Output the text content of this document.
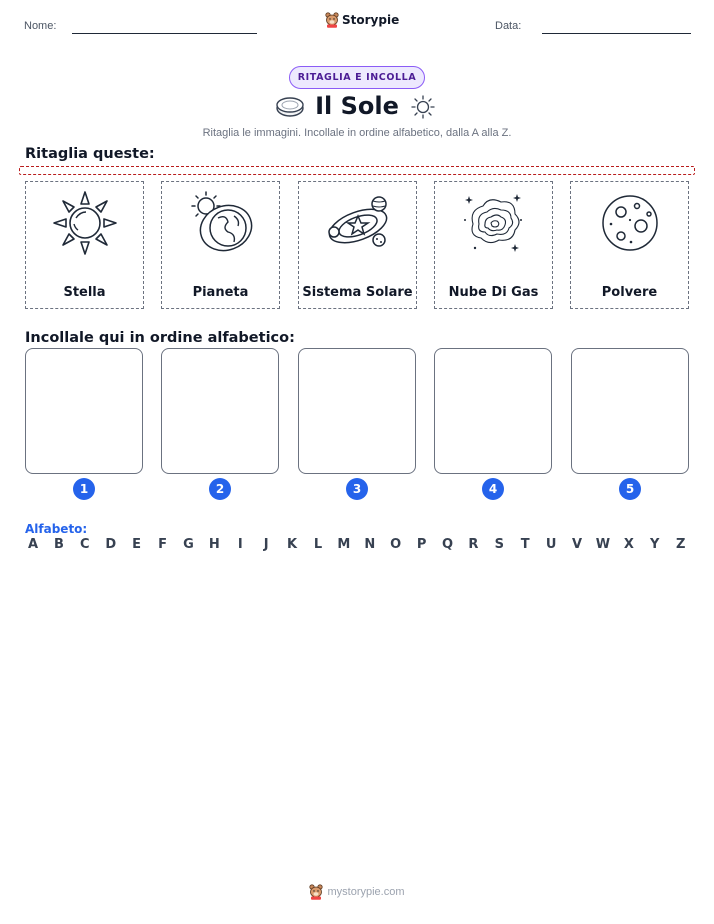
Nome:	Storypie	Data:
RITAGLIA E INCOLLA
Il Sole
Ritaglia le immagini. Incollale in ordine alfabetico, dalla A alla Z.
Ritaglia queste:
Stella	Pianeta	Sistema Solare	Nube Di Gas	Polvere
Incollale qui in ordine alfabetico:
1	2	3	4	5
Alfabeto:
A B C D E F G H	I	J	K L M N O P Q R S T U V W X Y Z
mystorypie.com
